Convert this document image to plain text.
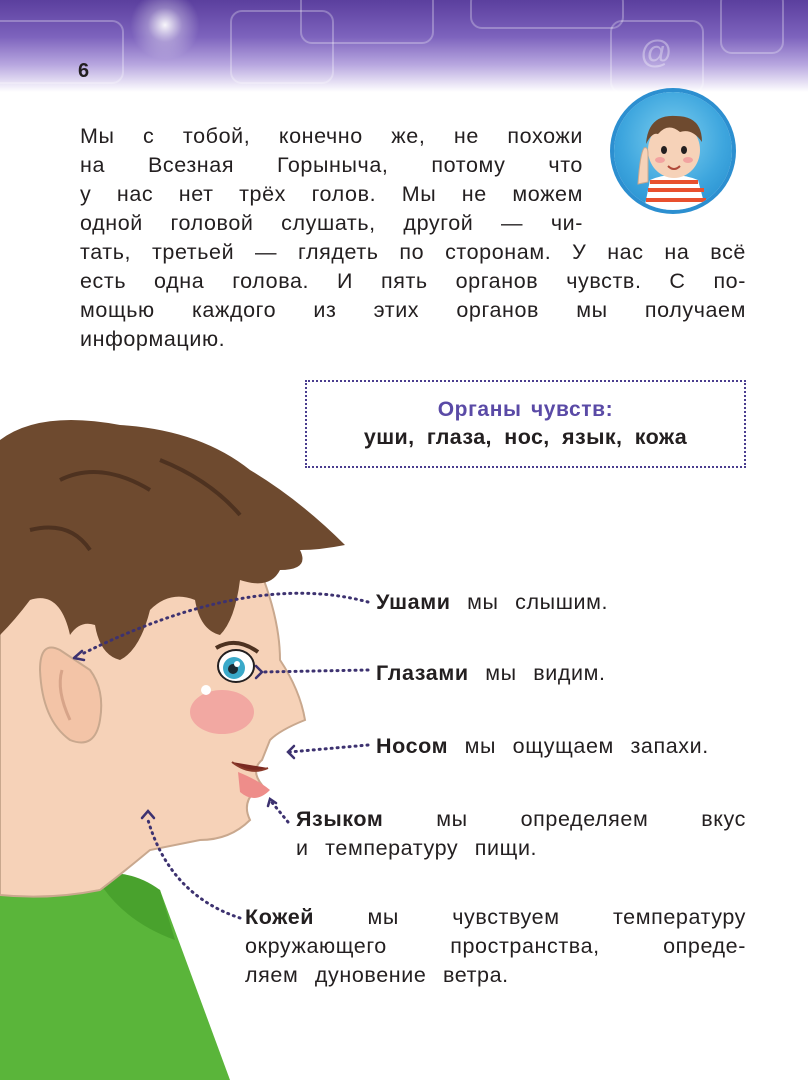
@
6
Мы с тобой, конечно же, не похожи
на Всезная Горыныча, потому что
у нас нет трёх голов. Мы не можем
одной головой слушать, другой — чи-
тать, третьей — глядеть по сторонам. У нас на всё
есть одна голова. И пять органов чувств. С по-
мощью каждого из этих органов мы получаем
информацию.
Органы чувств:
уши, глаза, нос, язык, кожа
Ушами мы слышим.
Глазами мы видим.
Носом мы ощущаем запахи.
Языком мы определяем вкус
и температуру пищи.
Кожей мы чувствуем температуру
окружающего пространства, опреде-
ляем дуновение ветра.
